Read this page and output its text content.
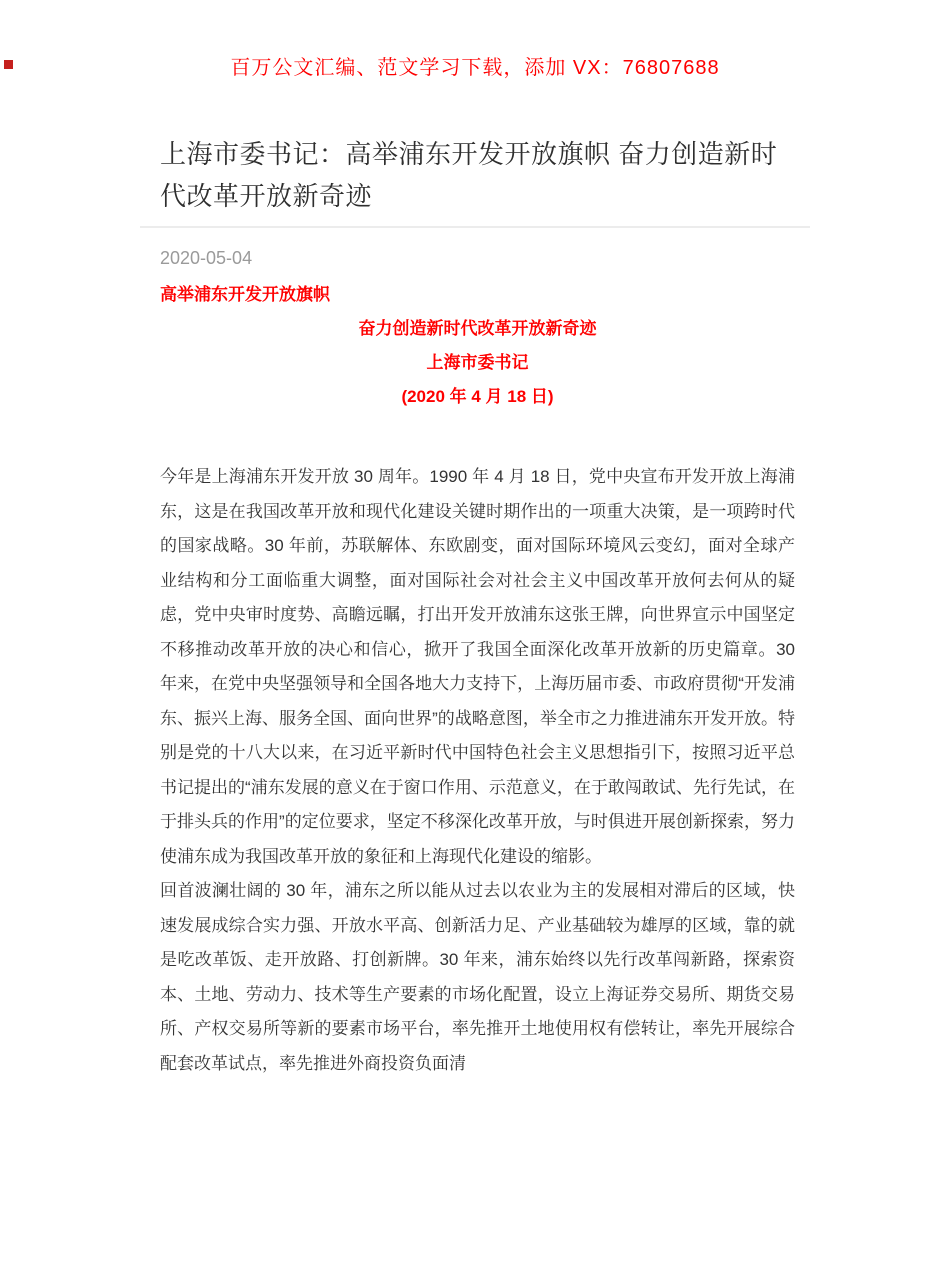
百万公文汇编、范文学习下载，添加 VX：76807688
上海市委书记：高举浦东开发开放旗帜 奋力创造新时代改革开放新奇迹
2020-05-04
高举浦东开发开放旗帜
奋力创造新时代改革开放新奇迹
上海市委书记
(2020 年 4 月 18 日)

今年是上海浦东开发开放 30 周年。1990 年 4 月 18 日，党中央宣布开发开放上海浦东，这是在我国改革开放和现代化建设关键时期作出的一项重大决策，是一项跨时代的国家战略。30 年前，苏联解体、东欧剧变，面对国际环境风云变幻，面对全球产业结构和分工面临重大调整，面对国际社会对社会主义中国改革开放何去何从的疑虑，党中央审时度势、高瞻远瞩，打出开发开放浦东这张王牌，向世界宣示中国坚定不移推动改革开放的决心和信心，掀开了我国全面深化改革开放新的历史篇章。30 年来，在党中央坚强领导和全国各地大力支持下，上海历届市委、市政府贯彻“开发浦东、振兴上海、服务全国、面向世界”的战略意图，举全市之力推进浦东开发开放。特别是党的十八大以来，在习近平新时代中国特色社会主义思想指引下，按照习近平总书记提出的“浦东发展的意义在于窗口作用、示范意义，在于敢闯敢试、先行先试，在于排头兵的作用”的定位要求，坚定不移深化改革开放，与时俱进开展创新探索，努力使浦东成为我国改革开放的象征和上海现代化建设的缩影。

回首波澜壮阔的 30 年，浦东之所以能从过去以农业为主的发展相对滞后的区域，快速发展成综合实力强、开放水平高、创新活力足、产业基础较为雄厚的区域，靠的就是吃改革饭、走开放路、打创新牌。30 年来，浦东始终以先行改革闯新路，探索资本、土地、劳动力、技术等生产要素的市场化配置，设立上海证券交易所、期货交易所、产权交易所等新的要素市场平台，率先推开土地使用权有偿转让，率先开展综合配套改革试点，率先推进外商投资负面清
